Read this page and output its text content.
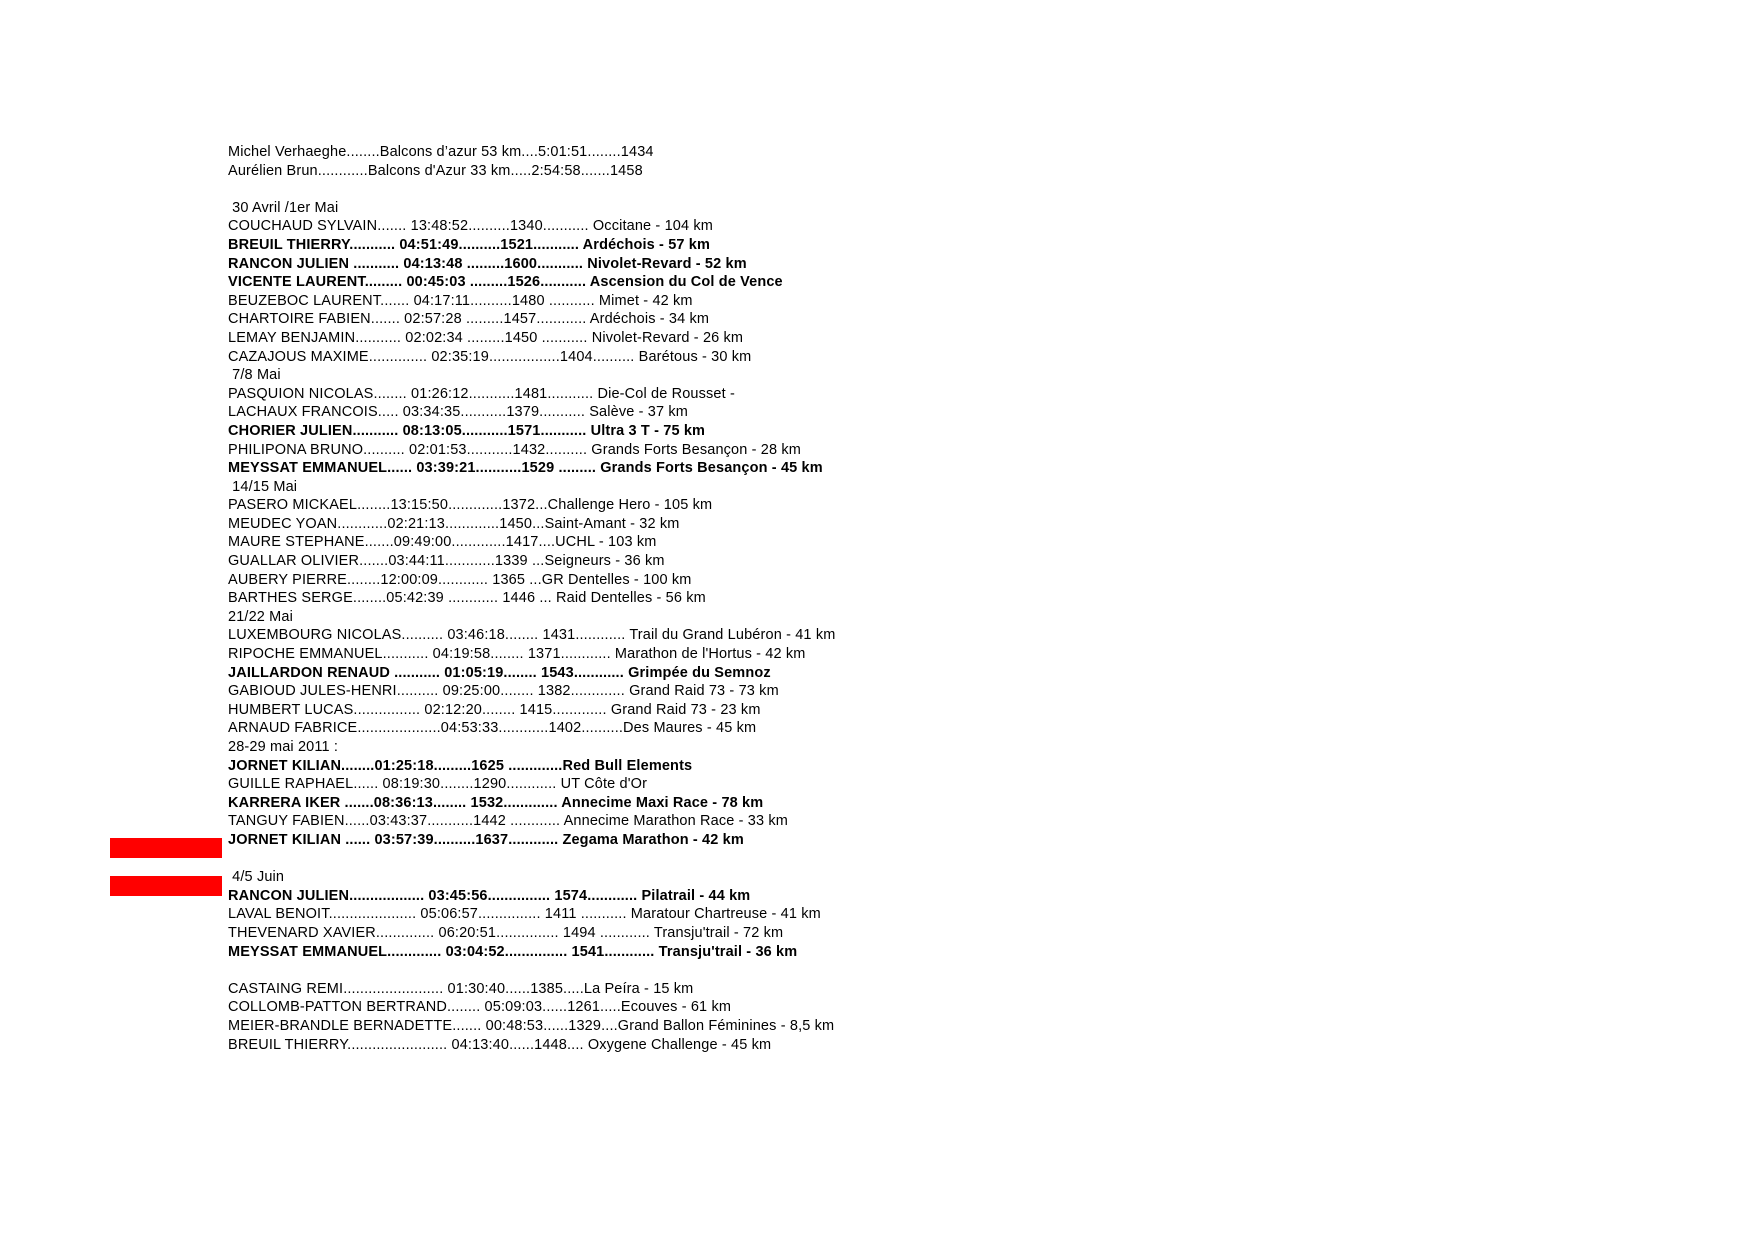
Michel Verhaeghe........Balcons d’azur 53 km....5:01:51........1434
Aurélien Brun............Balcons d'Azur 33 km.....2:54:58.......1458
30 Avril /1er Mai
COUCHAUD SYLVAIN....... 13:48:52..........1340........... Occitane - 104 km
BREUIL THIERRY........... 04:51:49..........1521........... Ardéchois - 57 km
RANCON JULIEN ........... 04:13:48 .........1600........... Nivolet-Revard - 52 km
VICENTE LAURENT......... 00:45:03 .........1526........... Ascension du Col de Vence
BEUZEBOC LAURENT....... 04:17:11..........1480 ........... Mimet - 42 km
CHARTOIRE FABIEN....... 02:57:28 .........1457............ Ardéchois - 34 km
LEMAY BENJAMIN........... 02:02:34 .........1450 ........... Nivolet-Revard - 26 km
CAZAJOUS MAXIME.............. 02:35:19.................1404.......... Barétous - 30 km
7/8 Mai
PASQUION NICOLAS........ 01:26:12...........1481........... Die-Col de Rousset -
LACHAUX FRANCOIS..... 03:34:35...........1379........... Salève - 37 km
CHORIER JULIEN........... 08:13:05...........1571........... Ultra 3 T - 75 km
PHILIPONA BRUNO.......... 02:01:53...........1432.......... Grands Forts Besançon - 28 km
MEYSSAT EMMANUEL...... 03:39:21...........1529 ......... Grands Forts Besançon - 45 km
14/15 Mai
PASERO MICKAEL........13:15:50.............1372...Challenge Hero - 105 km
MEUDEC YOAN............02:21:13.............1450...Saint-Amant - 32 km
MAURE STEPHANE.......09:49:00.............1417....UCHL - 103 km
GUALLAR OLIVIER.......03:44:11............1339 ...Seigneurs - 36 km
AUBERY PIERRE........12:00:09............ 1365 ...GR Dentelles - 100 km
BARTHES SERGE........05:42:39 ............ 1446 ... Raid Dentelles - 56 km
21/22 Mai
LUXEMBOURG NICOLAS.......... 03:46:18........ 1431............ Trail du Grand Lubéron - 41 km
RIPOCHE EMMANUEL........... 04:19:58........ 1371............ Marathon de l'Hortus - 42 km
JAILLARDON RENAUD ........... 01:05:19........ 1543............ Grimpée du Semnoz
GABIOUD JULES-HENRI.......... 09:25:00........ 1382............. Grand Raid 73 - 73 km
HUMBERT LUCAS................ 02:12:20........ 1415............. Grand Raid 73 - 23 km
ARNAUD FABRICE....................04:53:33............1402..........Des Maures - 45 km
28-29 mai 2011 :
JORNET KILIAN........01:25:18.........1625 .............Red Bull Elements
GUILLE RAPHAEL...... 08:19:30........1290............ UT Côte d'Or
KARRERA IKER .......08:36:13........ 1532............. Annecime Maxi Race - 78 km
TANGUY FABIEN......03:43:37...........1442 ............ Annecime Marathon Race - 33 km
JORNET KILIAN ...... 03:57:39..........1637............ Zegama Marathon - 42 km
4/5 Juin
RANCON JULIEN.................. 03:45:56............... 1574............ Pilatrail - 44 km
LAVAL BENOIT..................... 05:06:57............... 1411 ........... Maratour Chartreuse - 41 km
THEVENARD XAVIER.............. 06:20:51............... 1494 ............ Transju'trail - 72 km
MEYSSAT EMMANUEL............. 03:04:52............... 1541............ Transju'trail - 36 km
CASTAING REMI........................ 01:30:40......1385.....La Peíra - 15 km
COLLOMB-PATTON BERTRAND........ 05:09:03......1261.....Ecouves - 61 km
MEIER-BRANDLE BERNADETTE....... 00:48:53......1329....Grand Ballon Féminines - 8,5 km
BREUIL THIERRY........................ 04:13:40......1448.... Oxygene Challenge - 45 km
